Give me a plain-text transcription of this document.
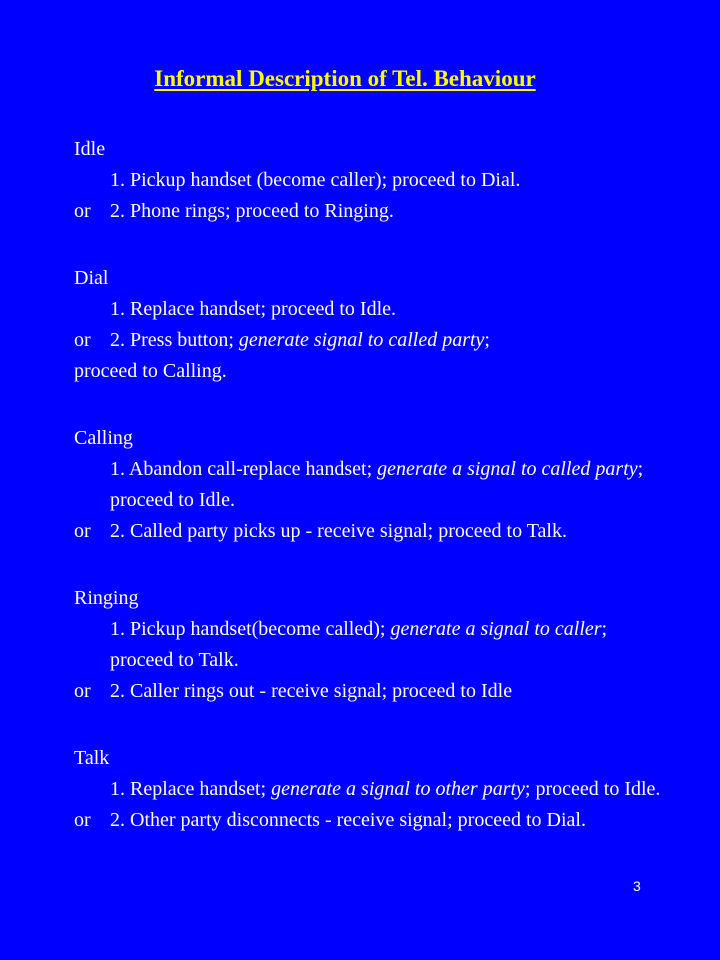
Informal Description of Tel. Behaviour
Idle
1. Pickup handset (become caller); proceed to Dial.
or 2. Phone rings; proceed to Ringing.
Dial
1. Replace handset; proceed to Idle.
or 2. Press button; generate signal to called party;
proceed to Calling.
Calling
1. Abandon call-replace handset; generate a signal to called party; proceed to Idle.
or 2. Called party picks up - receive signal; proceed to Talk.
Ringing
1. Pickup handset(become called); generate a signal to caller; proceed to Talk.
or 2. Caller rings out - receive signal; proceed to Idle
Talk
1. Replace handset; generate a signal to other party; proceed to Idle.
or 2. Other party disconnects - receive signal; proceed to Dial.
3
